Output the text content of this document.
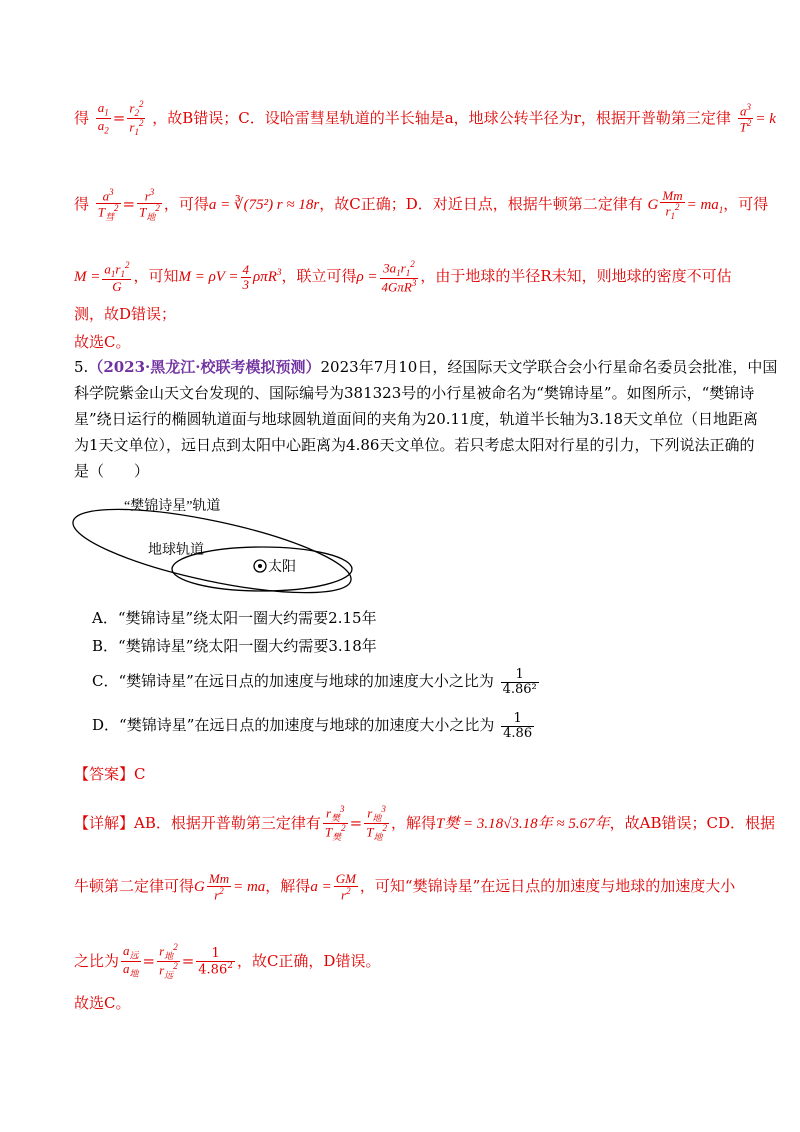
得 $\frac{a_1}{a_2} = \frac{r_2^2}{r_1^2}$ ，故B错误；C．设哈雷彗星轨道的半长轴是a，地球公转半径为r，根据开普勒第三定律 $\frac{a^3}{T^2} = k$
得 $\frac{a^3}{T_彗^2} = \frac{r^3}{T_地^2}$ ，可得a = ∛(75²) r ≈ 18r，故C正确；D．对近日点，根据牛顿第二定律有 G $\frac{Mm}{r_1^2} = ma_1$，可得
$M = \frac{a_1r_1^2}{G}$ ，可知$M = \rho V = \frac{4}{3} \rho\pi R^3$，联立可得$\rho = \frac{3a_1r_1^2}{4G\pi R^3}$ ，由于地球的半径R未知，则地球的密度不可估
测，故D错误；
故选C。
5.（2023·黑龙江·校联考模拟预测）2023年7月10日，经国际天文学联合会小行星命名委员会批准，中国
科学院紫金山天文台发现的、国际编号为381323号的小行星被命名为“樊锦诗星”。如图所示，“樊锦诗
星”绕日运行的椭圆轨道面与地球圆轨道面间的夹角为20.11度，轨道半长轴为3.18天文单位（日地距离
为1天文单位），远日点到太阳中心距离为4.86天文单位。若只考虑太阳对行星的引力，下列说法正确的
是（　　）
“樊锦诗星”轨道
地球轨道
太阳
A．“樊锦诗星”绕太阳一圈大约需要2.15年
B．“樊锦诗星”绕太阳一圈大约需要3.18年
C．“樊锦诗星”在远日点的加速度与地球的加速度大小之比为 $\frac{1}{\text{4.86²}}$
D．“樊锦诗星”在远日点的加速度与地球的加速度大小之比为 $\frac{1}{4.86}$
【答案】C
【详解】AB．根据开普勒第三定律有 $\frac{r_樊^3}{T_樊^2} = \frac{r_地^3}{T_地^2}$ ，解得T樊 = 3.18√3.18年 ≈ 5.67年，故AB错误；CD．根据
牛顿第二定律可得G $\frac{Mm}{r^2}$ = ma，解得$a = \frac{GM}{r^2}$ ，可知“樊锦诗星”在远日点的加速度与地球的加速度大小
之比为 $\frac{a_远}{a_地} = \frac{r_地^2}{r_远^2} = \frac{1}{4.86^2}$ ，故C正确，D错误。
故选C。
